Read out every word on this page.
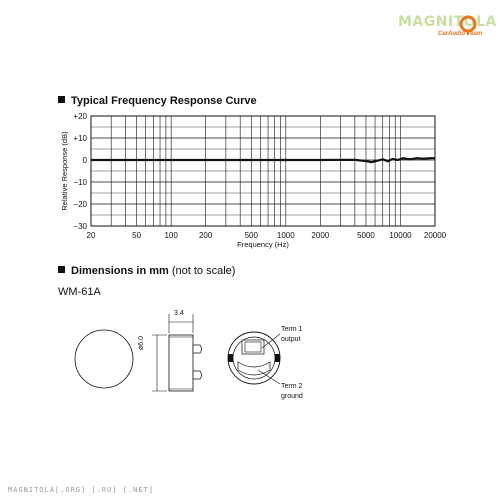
MAGNITOLA
CarAudio Team
Typical Frequency Response Curve
+20
+10
0
−10
−20
−30
20	50	100	200	500 1000 2000	5000 10000 20000
Frequency (Hz)
Relative Response (dB)
Dimensions in mm (not to scale)
WM-61A
3.4
ø6.0
Term 1
output
Term 2
ground
MAGNITOLA[.ORG] [.RU] [.NET]
